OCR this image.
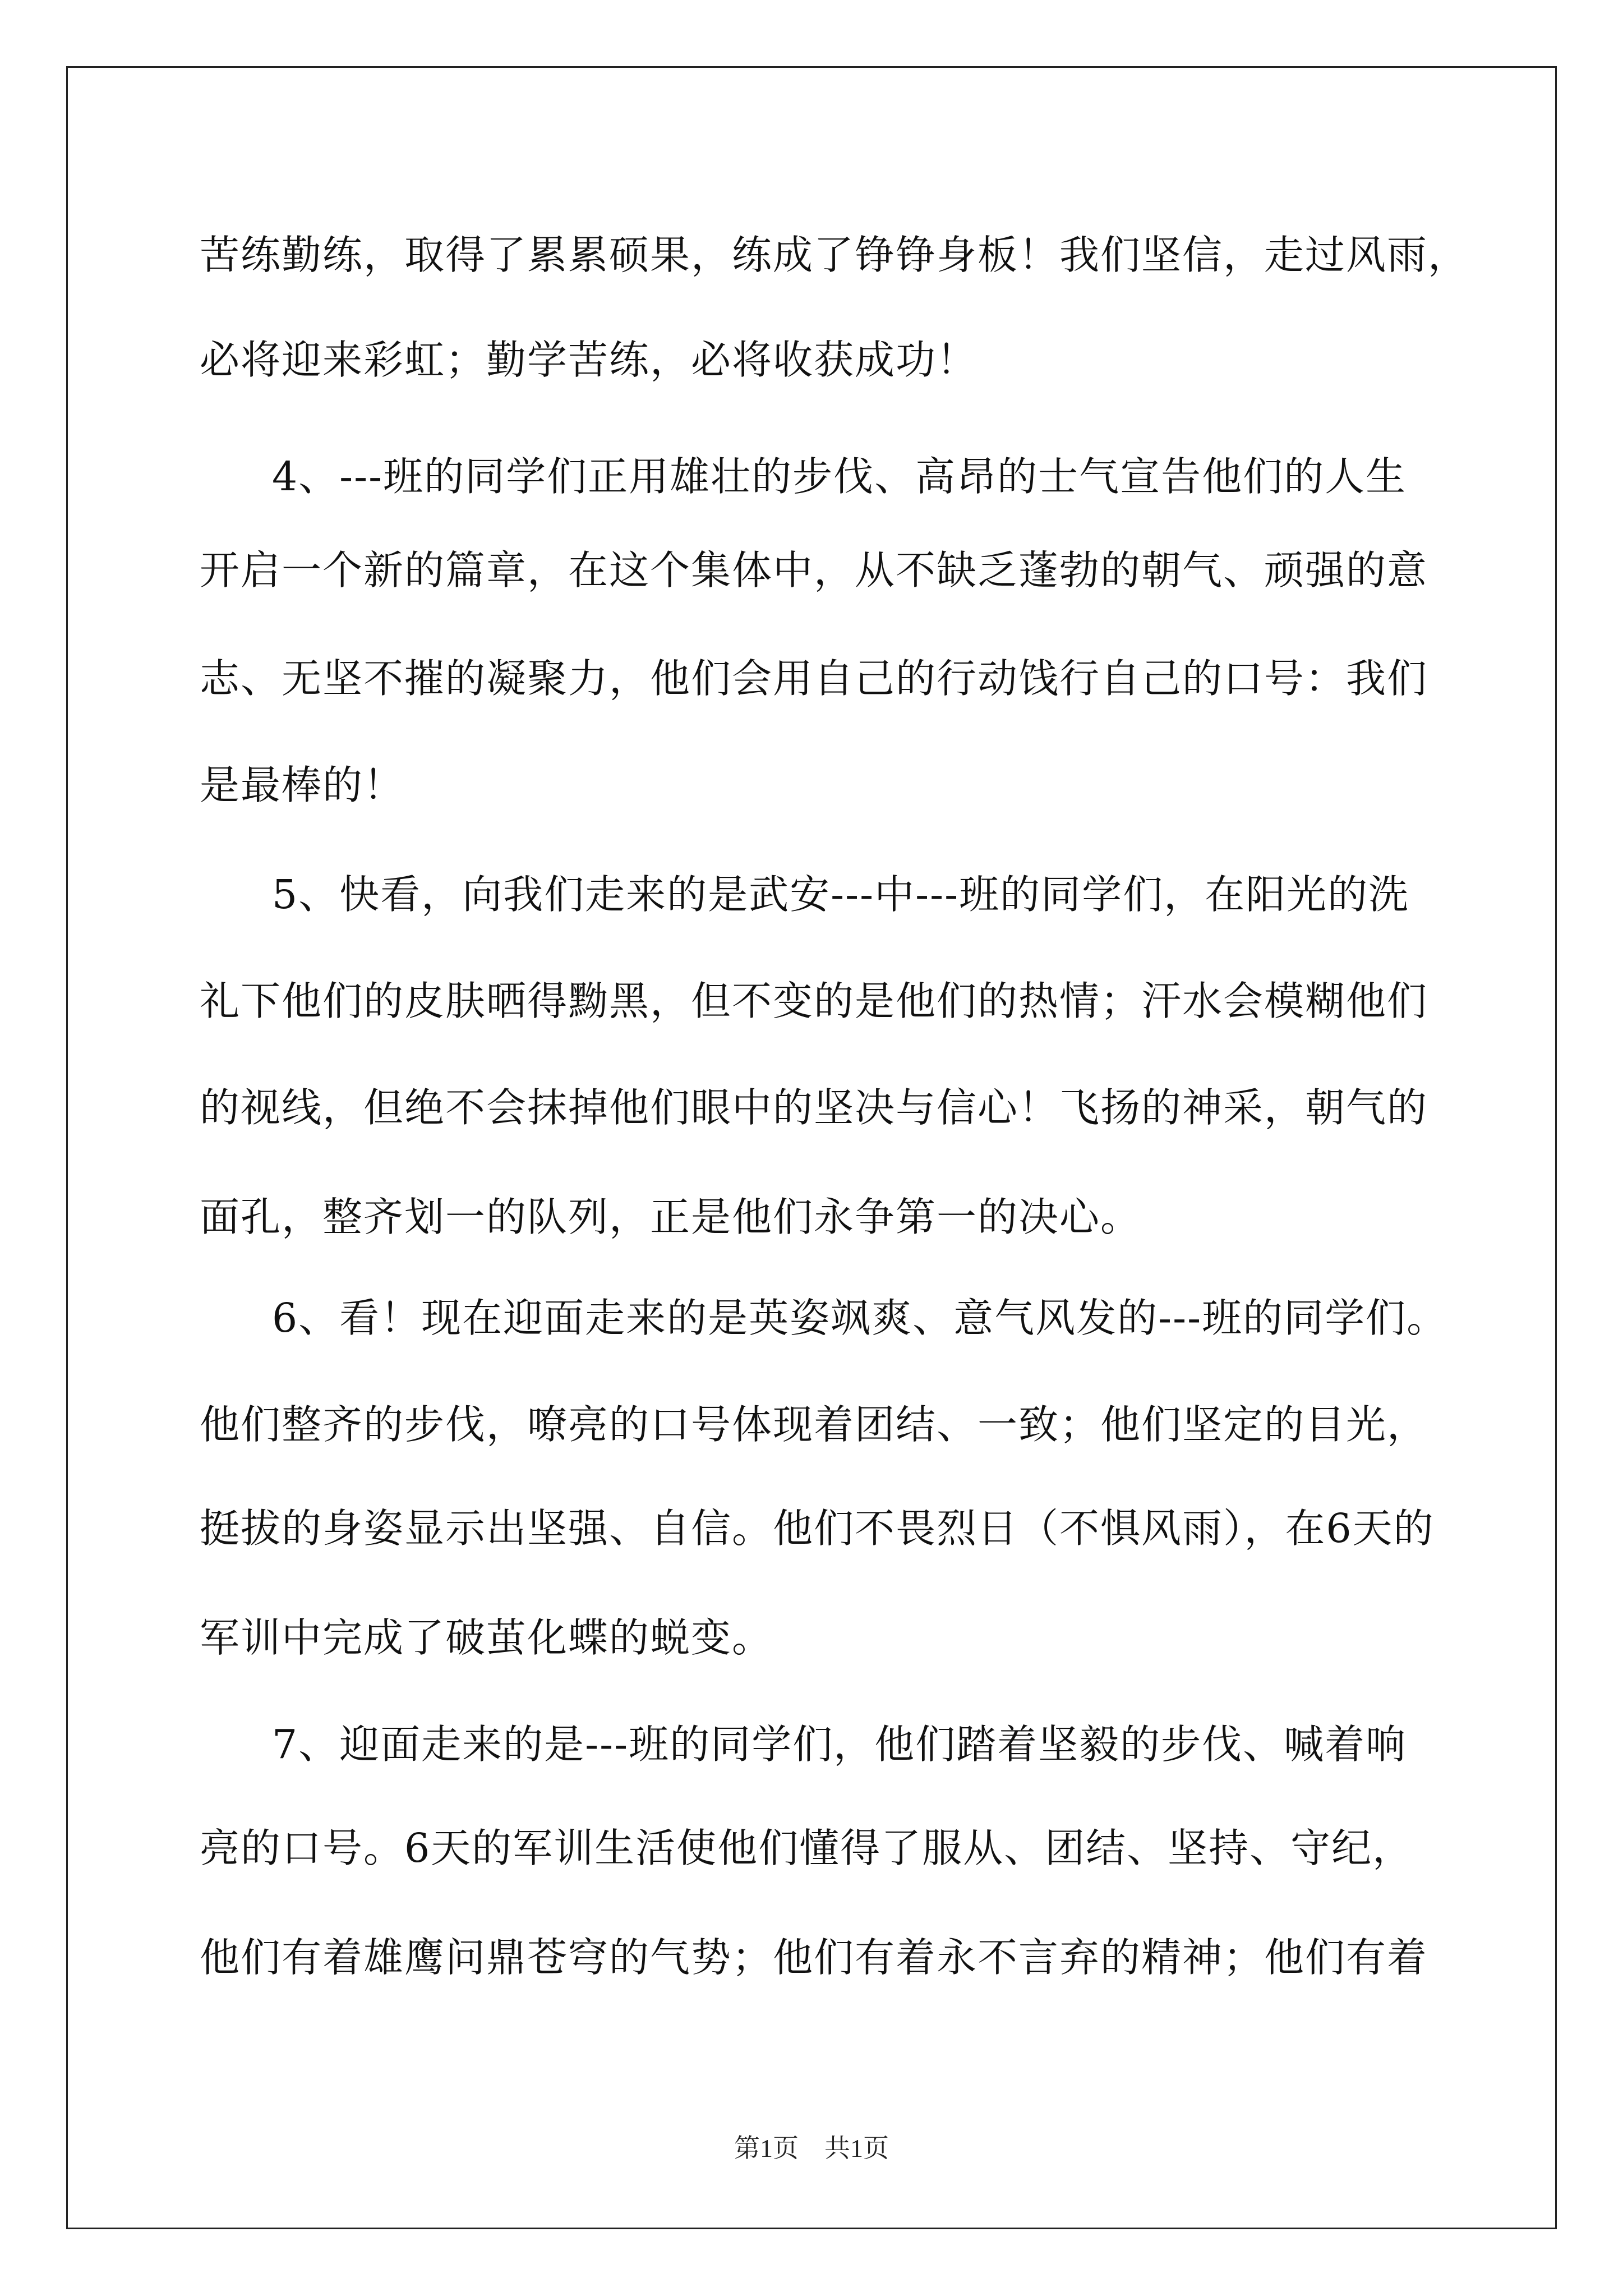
苦练勤练，取得了累累硕果，练成了铮铮身板！我们坚信，走过风雨，
必将迎来彩虹；勤学苦练，必将收获成功！
　4、---班的同学们正用雄壮的步伐、高昂的士气宣告他们的人生
开启一个新的篇章，在这个集体中，从不缺乏蓬勃的朝气、顽强的意
志、无坚不摧的凝聚力，他们会用自己的行动饯行自己的口号：我们
是最棒的！
　5、快看，向我们走来的是武安---中---班的同学们，在阳光的洗
礼下他们的皮肤晒得黝黑，但不变的是他们的热情；汗水会模糊他们
的视线，但绝不会抹掉他们眼中的坚决与信心！飞扬的神采，朝气的
面孔，整齐划一的队列，正是他们永争第一的决心。
　6、看！现在迎面走来的是英姿飒爽、意气风发的---班的同学们。
他们整齐的步伐，嘹亮的口号体现着团结、一致；他们坚定的目光，
挺拔的身姿显示出坚强、自信。他们不畏烈日（不惧风雨），在6天的
军训中完成了破茧化蝶的蜕变。
　7、迎面走来的是---班的同学们，他们踏着坚毅的步伐、喊着响
亮的口号。6天的军训生活使他们懂得了服从、团结、坚持、守纪，
他们有着雄鹰问鼎苍穹的气势；他们有着永不言弃的精神；他们有着
第1页　共1页
